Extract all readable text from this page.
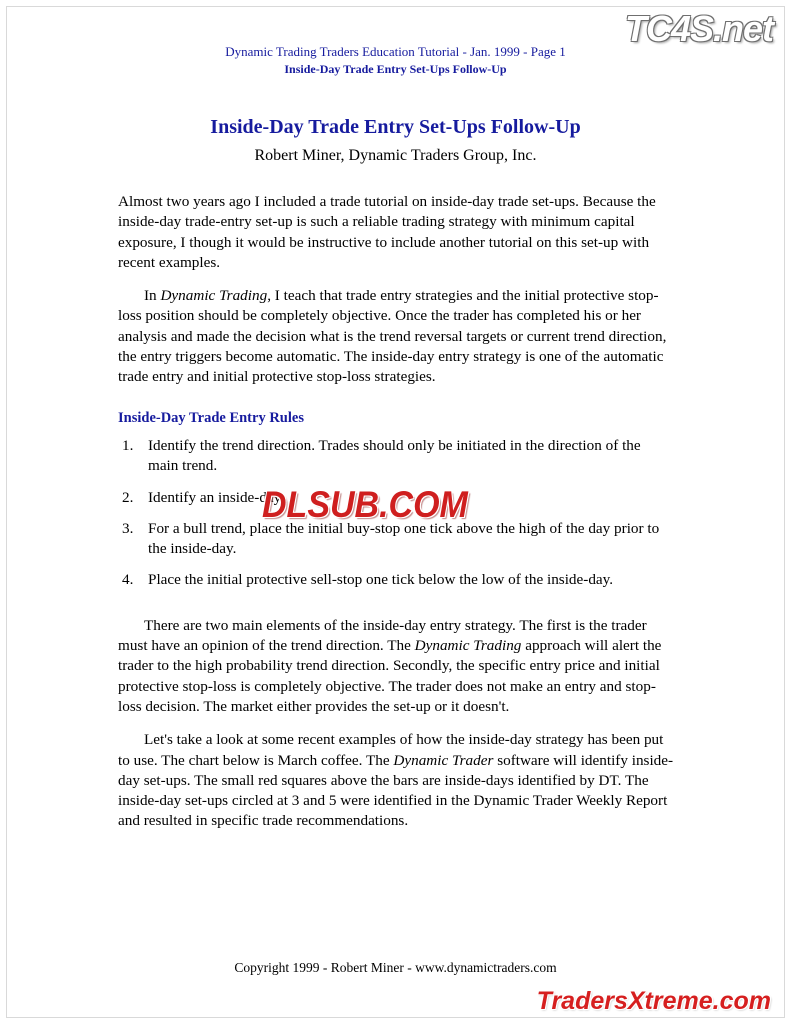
TC4S.net
Dynamic Trading Traders Education Tutorial - Jan. 1999 - Page 1
Inside-Day Trade Entry Set-Ups Follow-Up
Inside-Day Trade Entry Set-Ups Follow-Up
Robert Miner, Dynamic Traders Group, Inc.

Almost two years ago I included a trade tutorial on inside-day trade set-ups. Because the inside-day trade-entry set-up is such a reliable trading strategy with minimum capital exposure, I though it would be instructive to include another tutorial on this set-up with recent examples.

In Dynamic Trading, I teach that trade entry strategies and the initial protective stop-loss position should be completely objective. Once the trader has completed his or her analysis and made the decision what is the trend reversal targets or current trend direction, the entry triggers become automatic. The inside-day entry strategy is one of the automatic trade entry and initial protective stop-loss strategies.

Inside-Day Trade Entry Rules
1. Identify the trend direction. Trades should only be initiated in the direction of the main trend.
2. Identify an inside-day.
3. For a bull trend, place the initial buy-stop one tick above the high of the day prior to the inside-day.
4. Place the initial protective sell-stop one tick below the low of the inside-day.

There are two main elements of the inside-day entry strategy. The first is the trader must have an opinion of the trend direction. The Dynamic Trading approach will alert the trader to the high probability trend direction. Secondly, the specific entry price and initial protective stop-loss is completely objective. The trader does not make an entry and stop-loss decision. The market either provides the set-up or it doesn't.

Let's take a look at some recent examples of how the inside-day strategy has been put to use. The chart below is March coffee. The Dynamic Trader software will identify inside-day set-ups. The small red squares above the bars are inside-days identified by DT. The inside-day set-ups circled at 3 and 5 were identified in the Dynamic Trader Weekly Report and resulted in specific trade recommendations.

DLSUB.COM
Copyright 1999 - Robert Miner - www.dynamictraders.com
TradersXtreme.com
